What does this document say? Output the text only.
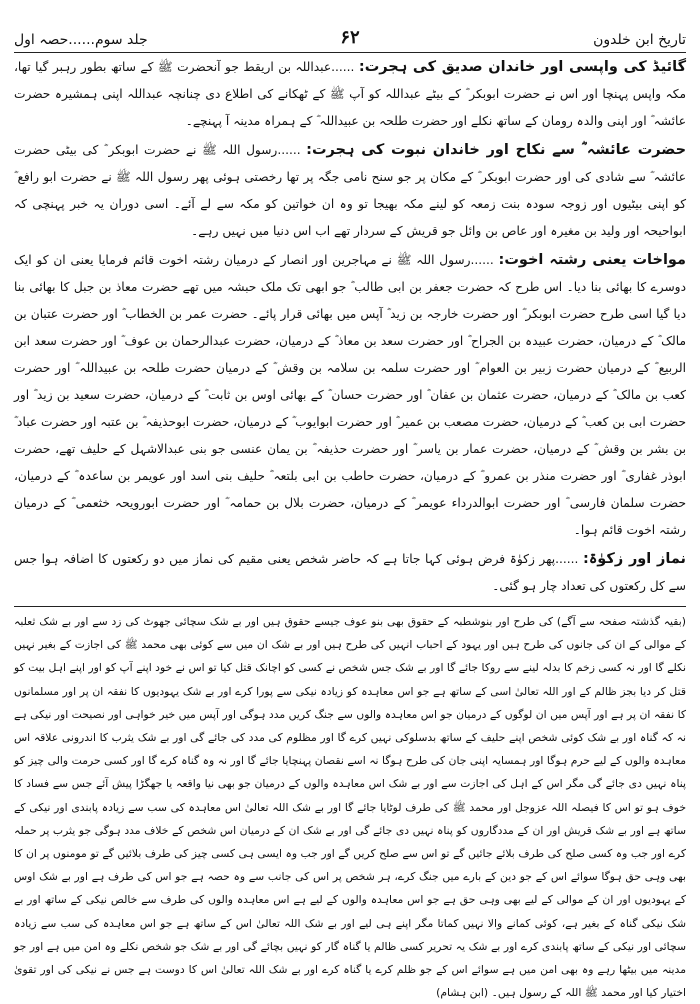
تاریخ ابن خلدون
۶۲
جلد سوم......حصہ اول

گائیڈ کی واپسی اور خاندان صدیق کی ہجرت: ......عبداللہ بن اریقط جو آنحضرت ﷺ کے ساتھ بطور رہبر گیا تھا، مکہ واپس پہنچا اور اس نے حضرت ابوبکر ؓ کے بیٹے عبداللہ کو آپ ﷺ کے ٹھکانے کی اطلاع دی چنانچہ عبداللہ اپنی ہمشیرہ حضرت عائشہ ؓ اور اپنی والدہ رومان کے ساتھ نکلے اور حضرت طلحہ بن عبیداللہ ؓ کے ہمراہ مدینہ آ پہنچے۔

حضرت عائشہ ؓ سے نکاح اور خاندان نبوت کی ہجرت: ......رسول اللہ ﷺ نے حضرت ابوبکر ؓ کی بیٹی حضرت عائشہ ؓ سے شادی کی اور حضرت ابوبکر ؓ کے مکان پر جو سنح نامی جگہ پر تھا رخصتی ہوئی پھر رسول اللہ ﷺ نے حضرت ابو رافع ؓ کو اپنی بیٹیوں اور زوجہ سودہ بنت زمعہ کو لینے مکہ بھیجا تو وہ ان خواتین کو مکہ سے لے آئے۔ اسی دوران یہ خبر پہنچی کہ ابواحیحہ اور ولید بن مغیرہ اور عاص بن وائل جو قریش کے سردار تھے اب اس دنیا میں نہیں رہے۔

مواخات یعنی رشتہ اخوت: ......رسول اللہ ﷺ نے مہاجرین اور انصار کے درمیان رشتہ اخوت قائم فرمایا یعنی ان کو ایک دوسرے کا بھائی بنا دیا۔ اس طرح کہ حضرت جعفر بن ابی طالب ؓ جو ابھی تک ملک حبشہ میں تھے حضرت معاذ بن جبل کا بھائی بنا دیا گیا اسی طرح حضرت ابوبکر ؓ اور حضرت خارجہ بن زید ؓ آپس میں بھائی قرار پائے۔ حضرت عمر بن الخطاب ؓ اور حضرت عتبان بن مالک ؓ کے درمیان، حضرت عبیدہ بن الجراح ؓ اور حضرت سعد بن معاذ ؓ کے درمیان، حضرت عبدالرحمان بن عوف ؓ اور حضرت سعد ابن الربیع ؓ کے درمیان حضرت زبیر بن العوام ؓ اور حضرت سلمہ بن سلامہ بن وقش ؓ کے درمیان حضرت طلحہ بن عبیداللہ ؓ اور حضرت کعب بن مالک ؓ کے درمیان، حضرت عثمان بن عفان ؓ اور حضرت حسان ؓ کے بھائی اوس بن ثابت ؓ کے درمیان، حضرت سعید بن زید ؓ اور حضرت ابی بن کعب ؓ کے درمیان، حضرت مصعب بن عمیر ؓ اور حضرت ابوایوب ؓ کے درمیان، حضرت ابوحذیفہ ؓ بن عتبہ اور حضرت عباد ؓ بن بشر بن وقش ؓ کے درمیان، حضرت عمار بن یاسر ؓ اور حضرت حذیفہ ؓ بن یمان عنسی جو بنی عبدالاشہل کے حلیف تھے، حضرت ابوذر غفاری ؓ اور حضرت منذر بن عمرو ؓ کے درمیان، حضرت حاطب بن ابی بلتعہ ؓ حلیف بنی اسد اور عویمر بن ساعدہ ؓ کے درمیان، حضرت سلمان فارسی ؓ اور حضرت ابوالدرداء عویمر ؓ کے درمیان، حضرت بلال بن حمامہ ؓ اور حضرت ابورویحہ خثعمی ؓ کے درمیان رشتہ اخوت قائم ہوا۔

نماز اور زکوٰۃ: ......پھر زکوٰۃ فرض ہوئی کہا جاتا ہے کہ حاضر شخص یعنی مقیم کی نماز میں دو رکعتوں کا اضافہ ہوا جس سے کل رکعتوں کی تعداد چار ہو گئی۔

(بقیہ گذشتہ صفحہ سے آگے) کی طرح اور بنوشطبہ کے حقوق بھی بنو عوف جیسے حقوق ہیں اور بے شک سچائی جھوٹ کی زد سے اور بے شک ثعلبہ کے موالی کے ان کی جانوں کی طرح ہیں اور یہود کے احباب انہیں کی طرح ہیں اور بے شک ان میں سے کوئی بھی محمد ﷺ کی اجازت کے بغیر نہیں نکلے گا اور نہ کسی زخم کا بدلہ لینے سے روکا جائے گا اور بے شک جس شخص نے کسی کو اچانک قتل کیا تو اس نے خود اپنے آپ کو اور اپنے اہل بیت کو قتل کر دیا بجز ظالم کے اور اللہ تعالیٰ اسی کے ساتھ ہے جو اس معاہدہ کو زیادہ نیکی سے پورا کرے اور بے شک یہودیوں کا نفقہ ان پر اور مسلمانوں کا نفقہ ان پر ہے اور آپس میں ان لوگوں کے درمیان جو اس معاہدہ والوں سے جنگ کریں مدد ہوگی اور آپس میں خیر خواہی اور نصیحت اور نیکی ہے نہ کہ گناہ اور بے شک کوئی شخص اپنے حلیف کے ساتھ بدسلوکی نہیں کرے گا اور مظلوم کی مدد کی جائے گی اور بے شک یثرب کا اندرونی علاقہ اس معاہدہ والوں کے لیے حرم ہوگا اور ہمسایہ اپنی جان کی طرح ہوگا نہ اسے نقصان پہنچایا جائے گا اور نہ وہ گناہ کرے گا اور کسی حرمت والی چیز کو پناہ نہیں دی جائے گی مگر اس کے اہل کی اجازت سے اور بے شک اس معاہدہ والوں کے درمیان جو بھی نیا واقعہ یا جھگڑا پیش آئے جس سے فساد کا خوف ہو تو اس کا فیصلہ اللہ عزوجل اور محمد ﷺ کی طرف لوٹایا جائے گا اور بے شک اللہ تعالیٰ اس معاہدہ کی سب سے زیادہ پابندی اور نیکی کے ساتھ ہے اور بے شک قریش اور ان کے مددگاروں کو پناہ نہیں دی جائے گی اور بے شک ان کے درمیان اس شخص کے خلاف مدد ہوگی جو یثرب پر حملہ کرے اور جب وہ کسی صلح کی طرف بلائے جائیں گے تو اس سے صلح کریں گے اور جب وہ ایسی ہی کسی چیز کی طرف بلائیں گے تو مومنوں پر ان کا بھی وہی حق ہوگا سوائے اس کے جو دین کے بارے میں جنگ کرے، ہر شخص پر اس کی جانب سے وہ حصہ ہے جو اس کی طرف ہے اور بے شک اوس کے یہودیوں اور ان کے موالی کے لیے بھی وہی حق ہے جو اس معاہدہ والوں کے لیے ہے اس معاہدہ والوں کی طرف سے خالص نیکی کے ساتھ اور بے شک نیکی گناہ کے بغیر ہے، کوئی کمانے والا نہیں کماتا مگر اپنے ہی لیے اور بے شک اللہ تعالیٰ اس کے ساتھ ہے جو اس معاہدہ کی سب سے زیادہ سچائی اور نیکی کے ساتھ پابندی کرے اور بے شک یہ تحریر کسی ظالم یا گناہ گار کو نہیں بچائے گی اور بے شک جو شخص نکلے وہ امن میں ہے اور جو مدینہ میں بیٹھا رہے وہ بھی امن میں ہے سوائے اس کے جو ظلم کرے یا گناہ کرے اور بے شک اللہ تعالیٰ اس کا دوست ہے جس نے نیکی کی اور تقویٰ اختیار کیا اور محمد ﷺ اللہ کے رسول ہیں۔ (ابن ہشام)
